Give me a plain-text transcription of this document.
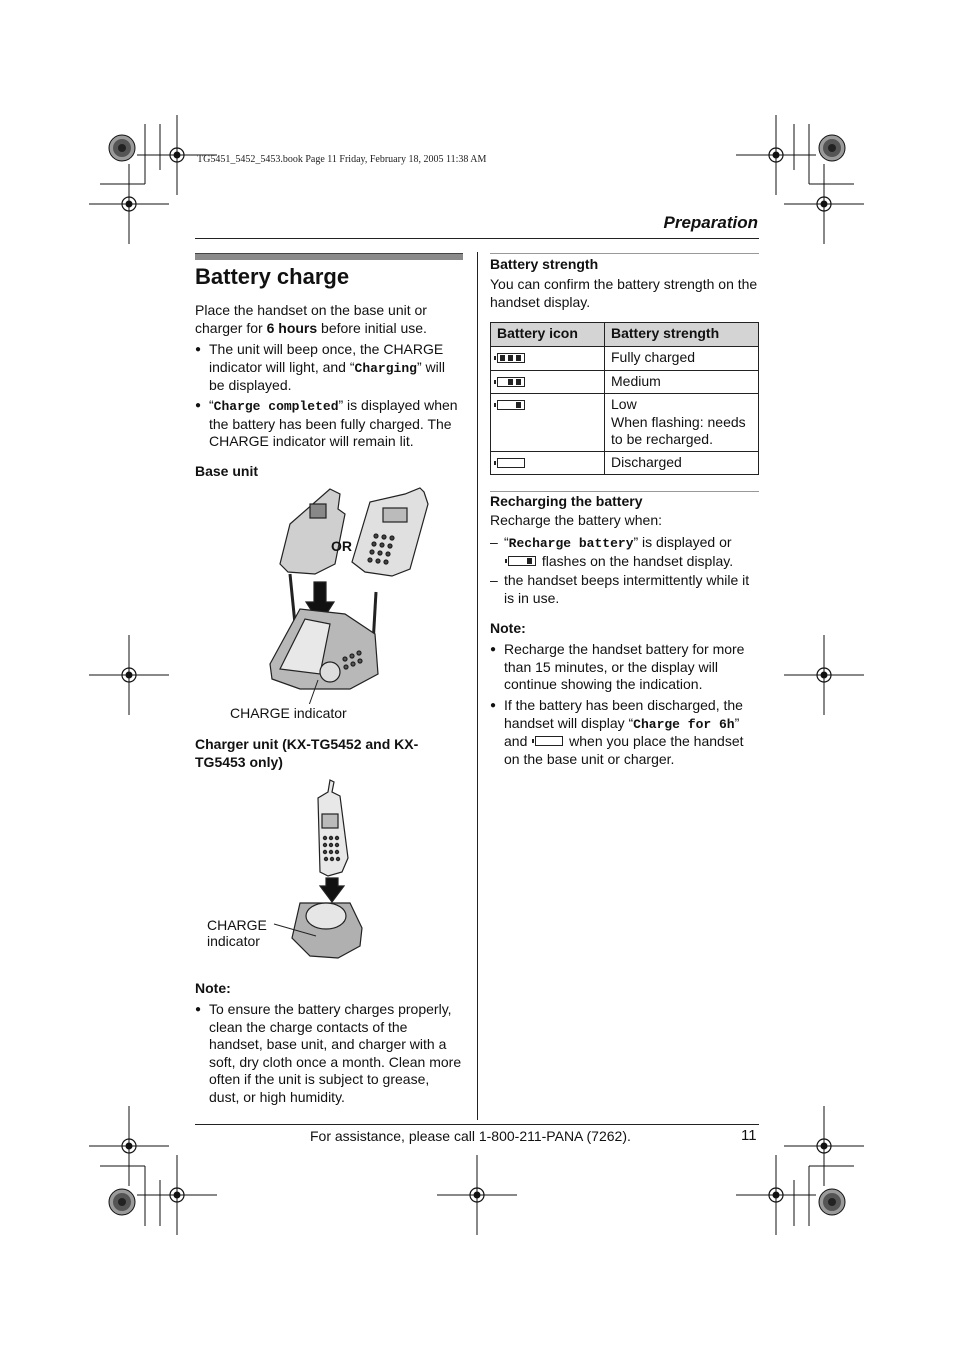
TG5451_5452_5453.book Page 11 Friday, February 18, 2005 11:38 AM
Preparation
Battery charge

Place the handset on the base unit or charger for 6 hours before initial use.

● The unit will beep once, the CHARGE indicator will light, and “Charging” will be displayed.

● “Charge completed” is displayed when the battery has been fully charged. The CHARGE indicator will remain lit.

Base unit

OR
CHARGE indicator

Charger unit (KX-TG5452 and KX-TG5453 only)

CHARGE
indicator

Note:

● To ensure the battery charges properly, clean the charge contacts of the handset, base unit, and charger with a soft, dry cloth once a month. Clean more often if the unit is subject to grease, dust, or high humidity.

Battery strength

You can confirm the battery strength on the handset display.

Battery icon	Battery strength

	Fully charged

	Medium

	Low
When flashing: needs to be recharged.
	Discharged

Recharging the battery

Recharge the battery when:

– “Recharge battery” is displayed or

flashes on the handset display.

– the handset beeps intermittently while it is in use.

Note:

● Recharge the handset battery for more than 15 minutes, or the display will continue showing the indication.

● If the battery has been discharged, the handset will display “Charge for 6h”
and	when you place the handset on the base unit or charger.

For assistance, please call 1-800-211-PANA (7262).	11
